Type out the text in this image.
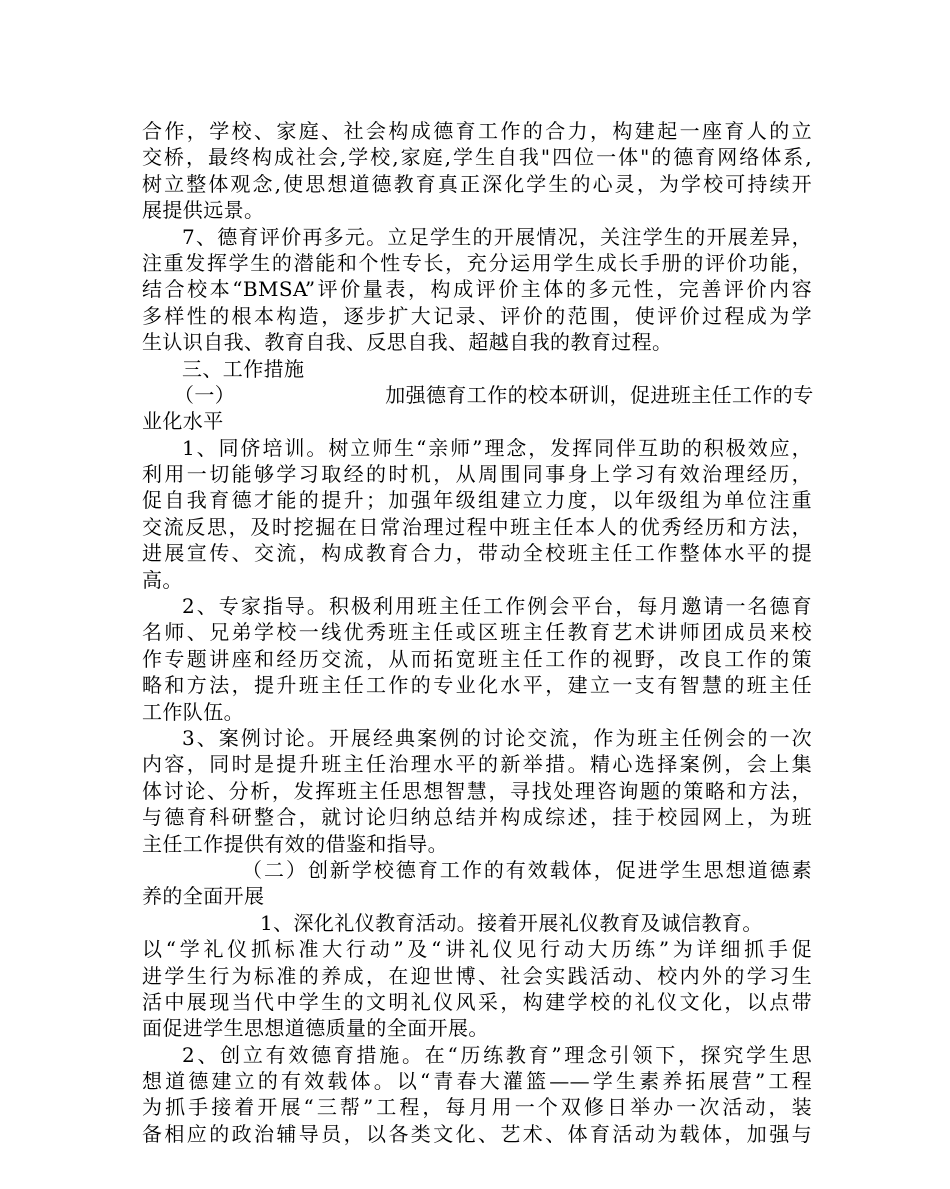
合作，学校、家庭、社会构成德育工作的合力，构建起一座育人的立
交桥，最终构成社会,学校,家庭,学生自我"四位一体"的德育网络体系,
树立整体观念,使思想道德教育真正深化学生的心灵，为学校可持续开
展提供远景。
7、德育评价再多元。立足学生的开展情况，关注学生的开展差异，
注重发挥学生的潜能和个性专长，充分运用学生成长手册的评价功能，
结合校本“BMSA”评价量表，构成评价主体的多元性，完善评价内容
多样性的根本构造，逐步扩大记录、评价的范围，使评价过程成为学
生认识自我、教育自我、反思自我、超越自我的教育过程。
三、工作措施
（一）	加强德育工作的校本研训，促进班主任工作的专
业化水平
1、同侪培训。树立师生“亲师”理念，发挥同伴互助的积极效应，
利用一切能够学习取经的时机，从周围同事身上学习有效治理经历，
促自我育德才能的提升；加强年级组建立力度，以年级组为单位注重
交流反思，及时挖掘在日常治理过程中班主任本人的优秀经历和方法，
进展宣传、交流，构成教育合力，带动全校班主任工作整体水平的提
高。
2、专家指导。积极利用班主任工作例会平台，每月邀请一名德育
名师、兄弟学校一线优秀班主任或区班主任教育艺术讲师团成员来校
作专题讲座和经历交流，从而拓宽班主任工作的视野，改良工作的策
略和方法，提升班主任工作的专业化水平，建立一支有智慧的班主任
工作队伍。
3、案例讨论。开展经典案例的讨论交流，作为班主任例会的一次
内容，同时是提升班主任治理水平的新举措。精心选择案例，会上集
体讨论、分析，发挥班主任思想智慧，寻找处理咨询题的策略和方法，
与德育科研整合，就讨论归纳总结并构成综述，挂于校园网上，为班
主任工作提供有效的借鉴和指导。
（二）创新学校德育工作的有效载体，促进学生思想道德素
养的全面开展
1、深化礼仪教育活动。接着开展礼仪教育及诚信教育。
以“学礼仪抓标准大行动”及“讲礼仪见行动大历练”为详细抓手促
进学生行为标准的养成，在迎世博、社会实践活动、校内外的学习生
活中展现当代中学生的文明礼仪风采，构建学校的礼仪文化，以点带
面促进学生思想道德质量的全面开展。
2、创立有效德育措施。在“历练教育”理念引领下，探究学生思
想道德建立的有效载体。以“青春大灌篮——学生素养拓展营”工程
为抓手接着开展“三帮”工程，每月用一个双修日举办一次活动，装
备相应的政治辅导员，以各类文化、艺术、体育活动为载体，加强与
